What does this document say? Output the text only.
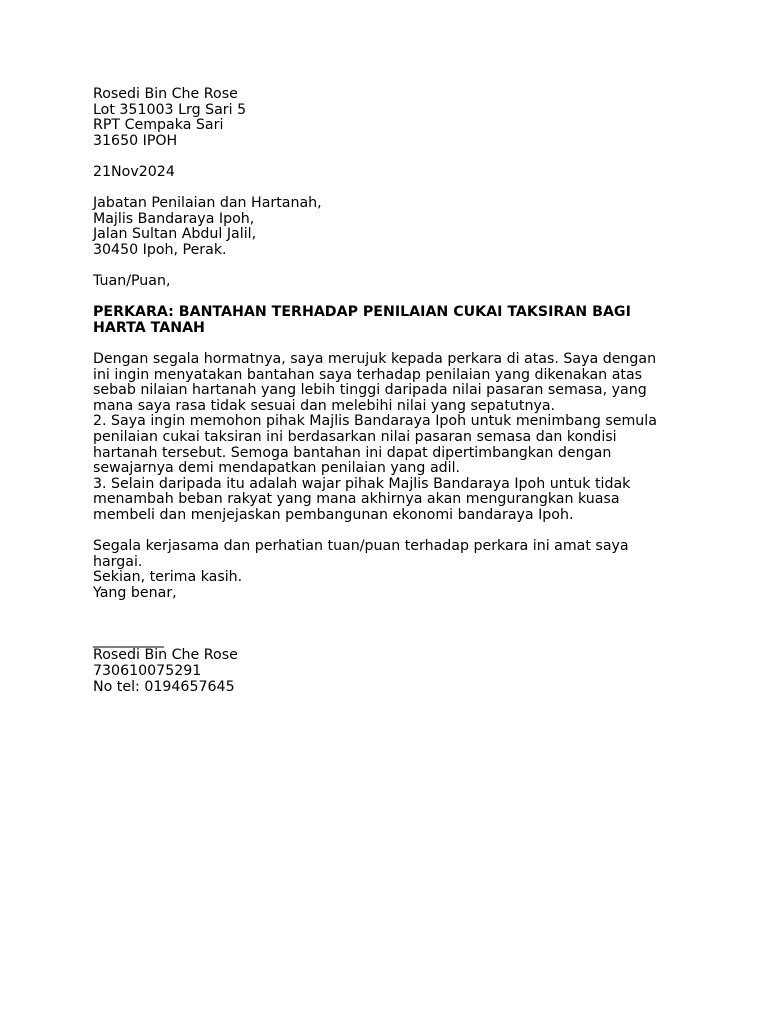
Rosedi Bin Che Rose
Lot 351003 Lrg Sari 5
RPT Cempaka Sari
31650 IPOH
21Nov2024
Jabatan Penilaian dan Hartanah,
Majlis Bandaraya Ipoh,
Jalan Sultan Abdul Jalil,
30450 Ipoh, Perak.
Tuan/Puan,
PERKARA: BANTAHAN TERHADAP PENILAIAN CUKAI TAKSIRAN BAGI
HARTA TANAH
Dengan segala hormatnya, saya merujuk kepada perkara di atas. Saya dengan
ini ingin menyatakan bantahan saya terhadap penilaian yang dikenakan atas
sebab nilaian hartanah yang lebih tinggi daripada nilai pasaran semasa, yang
mana saya rasa tidak sesuai dan melebihi nilai yang sepatutnya.
2. Saya ingin memohon pihak Majlis Bandaraya Ipoh untuk menimbang semula
penilaian cukai taksiran ini berdasarkan nilai pasaran semasa dan kondisi
hartanah tersebut. Semoga bantahan ini dapat dipertimbangkan dengan
sewajarnya demi mendapatkan penilaian yang adil.
3. Selain daripada itu adalah wajar pihak Majlis Bandaraya Ipoh untuk tidak
menambah beban rakyat yang mana akhirnya akan mengurangkan kuasa
membeli dan menjejaskan pembangunan ekonomi bandaraya Ipoh.
Segala kerjasama dan perhatian tuan/puan terhadap perkara ini amat saya
hargai.
Sekian, terima kasih.
Yang benar,
__________
Rosedi Bin Che Rose
730610075291
No tel: 0194657645
